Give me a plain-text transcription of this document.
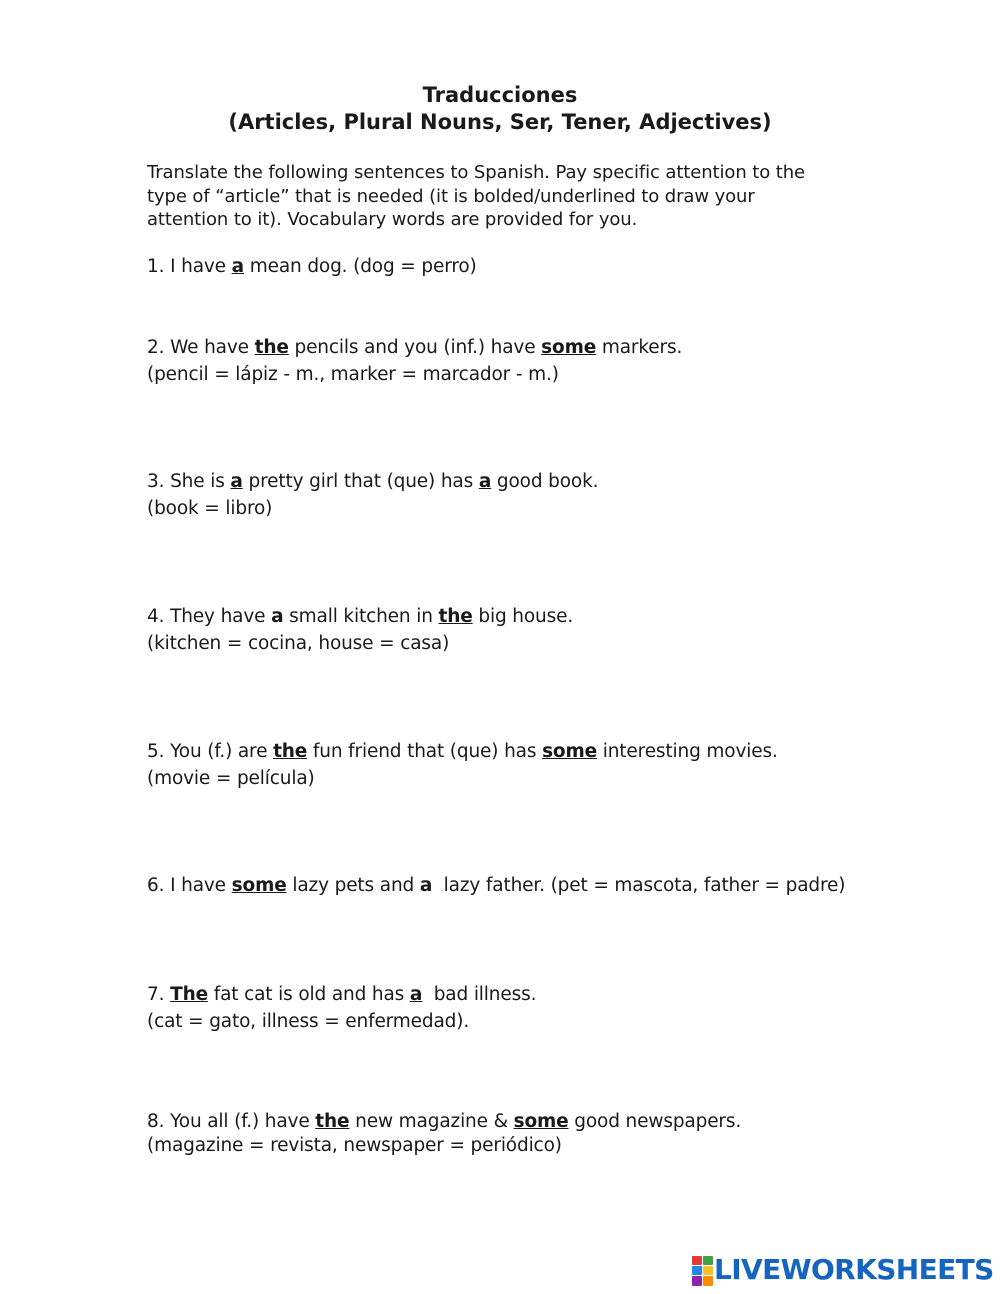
Traducciones
(Articles, Plural Nouns, Ser, Tener, Adjectives)
Translate the following sentences to Spanish. Pay specific attention to the
type of “article” that is needed (it is bolded/underlined to draw your
attention to it). Vocabulary words are provided for you.
1. I have a mean dog. (dog = perro)
2. We have the pencils and you (inf.) have some markers.
(pencil = lápiz - m., marker = marcador - m.)
3. She is a pretty girl that (que) has a good book.
(book = libro)
4. They have a small kitchen in the big house.
(kitchen = cocina, house = casa)
5. You (f.) are the fun friend that (que) has some interesting movies.
(movie = película)
6. I have some lazy pets and a  lazy father. (pet = mascota, father = padre)
7. The fat cat is old and has a  bad illness.
(cat = gato, illness = enfermedad).
8. You all (f.) have the new magazine & some good newspapers.
(magazine = revista, newspaper = periódico)
LIVEWORKSHEETS
